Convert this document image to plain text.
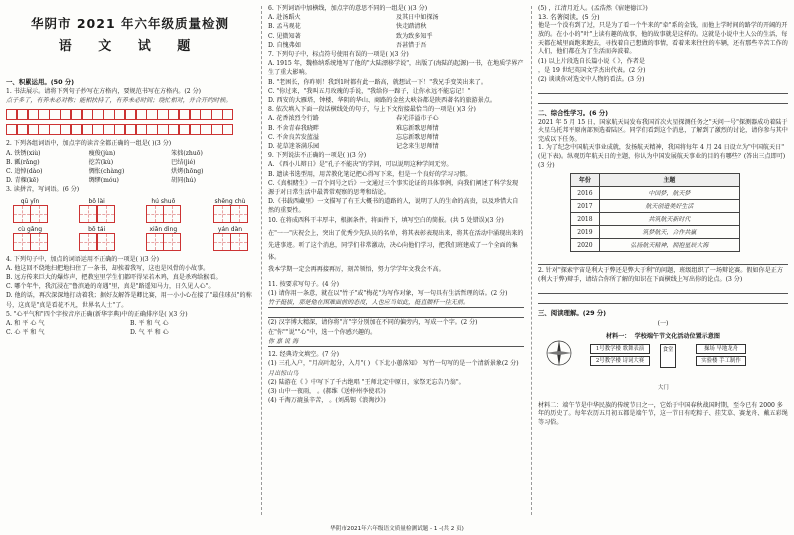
华阴市 2021 年六年级质量检测

语 文 试 题

一、积累运用。(50 分)

1. 书法展示。请将下列句子抄写在方格内，要规范书写在方格内。(2 分)

点子多了，有养未必对称；能相扶持了，有养未必时间；绕忙相对，并合开约时候。

2. 下列各组词语中，加点字的读音全都正确的一组是( )(3 分)

A. 铁锈(xiù)	瘦俊(jùn)	笨拙(zhuō)
B. 瓤(rǎng)	挖苦(kù)	巴结(jié)
C. 追悼(dào)	惆怅(chàng)	烘烤(hōng)
D. 青稞(kē)	绸缪(móu)	胡同(hú)

3. 读拼音，写词语。(6 分)

qū yǐn	bō lài	hú shuō	shēng chù
cù gǎng	bō tái	xiǎn dìng	yán dàn

4. 下列句子中，加点的词语运用不正确的一项是( )(3 分)

A. 他这回不绕地扫把地扫住了一条书，却挨着我写，这也是风骨的小故事。

B. 远方传来巨大的爆炸声，把教室里学生们都吓得呆若木鸡，真是杀鸡给猴看。

C. 哪个年牛，我沉浸在"鲁滨逊的奇遇"里，真是"路遥知马力，日久见人心"。

D. 他的话，再次深深地打动着我；据好友解答是卿比赛，用一小小心在接了"最佳球员"的称号，这真是"真是看花不凡，世界名人士"了。

5. "心平气和"四个字按音序正确(新华字典)中的正确排序是( )(3 分)

A. 和 平 心 气	B. 平 和 气 心
C. 心 平 和 气	D. 气 平 和 心

6. 下列词语中加横线，加点字的意思不同的一组是( )(3 分)

A. 赴汤蹈火	及其日中如探汤
B. 孟马观花	快走踏清秋
C. 见微知著	致为致多知乎
D. 自愧弗如	吾甚惜于吾

7. 下列句子中，标点符号使用有误的一项是( )(3 分)

A. 1915 年，魏格纳系统地写了他的"大陆漂移学说"，出版了(海陆的起源)一书，在地质学界产生了重大影响。

B. "老困长，你昨则！我到1时都有此一路高，就想试一下！"我兄手变笑出来了。

C. "你过来，"我叫五月玫瑰的手说，"我给你一蹄子，让你永远不能忘记！"

D. 西安的大雁塔，钟楼、华阴的华山、商路的金丝大峡谷都是陕西著名的旅游景点。

8. 依次填入下面一段话横线处的句子，与上下文衔接最恰当的一项是( )(3 分)

A. 花香浓烈令行路	春光洋溢市子心
B. 不舍青春我晓畔	难忘新歌思师情
C. 不舍良苦发蓝溢	忘忘新歌思师情
D. 花草迷茶满乐园	记念来生思师情

9. 下列说法不正确的一项是( )(3 分)

A. 《西小儿辩日》是"孔子不能决"的学问，可以说明这种学问无穷。

B. 遗读书选型用，用苦教化笔记把心得写下来，但是一个良好的学习习惯。

C.《真相赌生》一百个问号之后》一文通过三个事实论证的具体事例，向我们阐述了科学发现源于对日常生活中最普常观察的思考和结论。

D.《书载西藏里》一文描写了有王大概书的道路的人，说明了人的生命的高贵，以及珍惜大自然的重要性。

10. 在将成西科干丰厚丰，根据条件，将面件下，填写空白的简报。(共 5 处错误)(3 分)

在"一一"庆祝会上，突出了优秀少先队员的名单，将其表彰表现出来，将其在活动中涌现出来的先进事迹。听了这个消息，同学们非常激动，决心向他们学习，把我们班建成了一个全面的集体。

我本学期一定会再再接再厉，刻苦领悟，努力学学年文我会不高。

11. 按要求写句子。(4 分)

(1) 请你用一条意，就在以"竹子"或"梅花"为写作对象，写一句具有生活哲理的话。(2 分)

竹子挺拔，那是他在困难面前的态度，人也应当如此，挺直腰杆一往无前。

(2) 汉字博大精深，请你将"言"字分别加在不同的偏旁内，写成一个字。(2 分)

在"你""说""心"中，选一个你感兴趣的。

你 嘉 说 海

12. 经典诗文填空。(7 分)

(1) 三孔入户，"月高叶起分，入月"( ) 《下北小蕙落知》 写竹一句写的是一个清新景象(2 分)

月出惊山鸟

(2) 陆游在《 》中写下了千古绝唱 "王师北定中原日，家祭无忘告乃翁"。

(3) 山中一夜雨， 。(郝维《送梓州李使君》)

(4) 千淘万漉虽辛苦， 。(刘禹锡《浪淘沙》)

(5) ，江清月近人。(孟浩然《宿建德江》)

13. 名著阅读。(5 分)

他是一个没有到了过，只是为了看一个牛来的"牵"系的金钱，而他上学时间的路学的开阔的开放的。在小小的"叶"上读有趣的故事，他的故事就是这样的。这就是小说中主人公的生活，每天都在城里面跑来跑去，寻找着自己想做的事情，看着来来往往的车辆，还有那些辛苦工作的人们，他们都在为了生活而奔波着。

(1) 以上片段选自长篇小说《 》，作者是

，是 19 世纪英国文学杰出代表。(2 分)

(2) 谈谈你对选文中人物的看法。(3 分)

二、综合性学习。(6 分)

2021 年 5 月 15 日，国家航天局发布我国首次火星探测任务之"天问一号"探测器成功着陆于火星乌托邦平原南部预选着陆区。同学们看到这个消息，了解到了激烈的讨论，请你参与其中完成以下任务。

1. 为了纪念中国航天事业成就，发扬航天精神，我国将每年 4 月 24 日设立为"中国航天日"(见下表)。纵观历年航天日的主题，你认为中国发展航天事业的目的有哪些？(答出三点即可)(3 分)

年份	主题
2016	中国梦，航天梦
2017	航天创造美好生活
2018	共筑航天新时代
2019	筑梦航天，合作共赢
2020	弘扬航天精神，拥抱星辰大海

2. 针对"探索宇宙是利大于弊还是弊大于利"的问题，班级组织了一场辩论赛。假如你是正方(利大于弊)辩手，请结合你所了解的知识在下面横线上写出你的论点。(3 分)

三、阅读理解。(29 分)

(一)

材料一： 学校端午节文化活动位置示意图

1号教学楼 歌舞表演
2号教学楼 诗词大赛
操场 旱地龙舟
实验楼 手工制作
食堂
大门

材料二：端午节是中华民族的传统节日之一，它始于中国春秋战国时期，至今已有 2000 多年的历史了。每年农历五月初五都是端午节，这一节日有吃粽子、挂艾草、赛龙舟、戴五彩绳等习俗。

华阴市2021年六年级语文质量检测试题 - 1 -(共 2 页)
